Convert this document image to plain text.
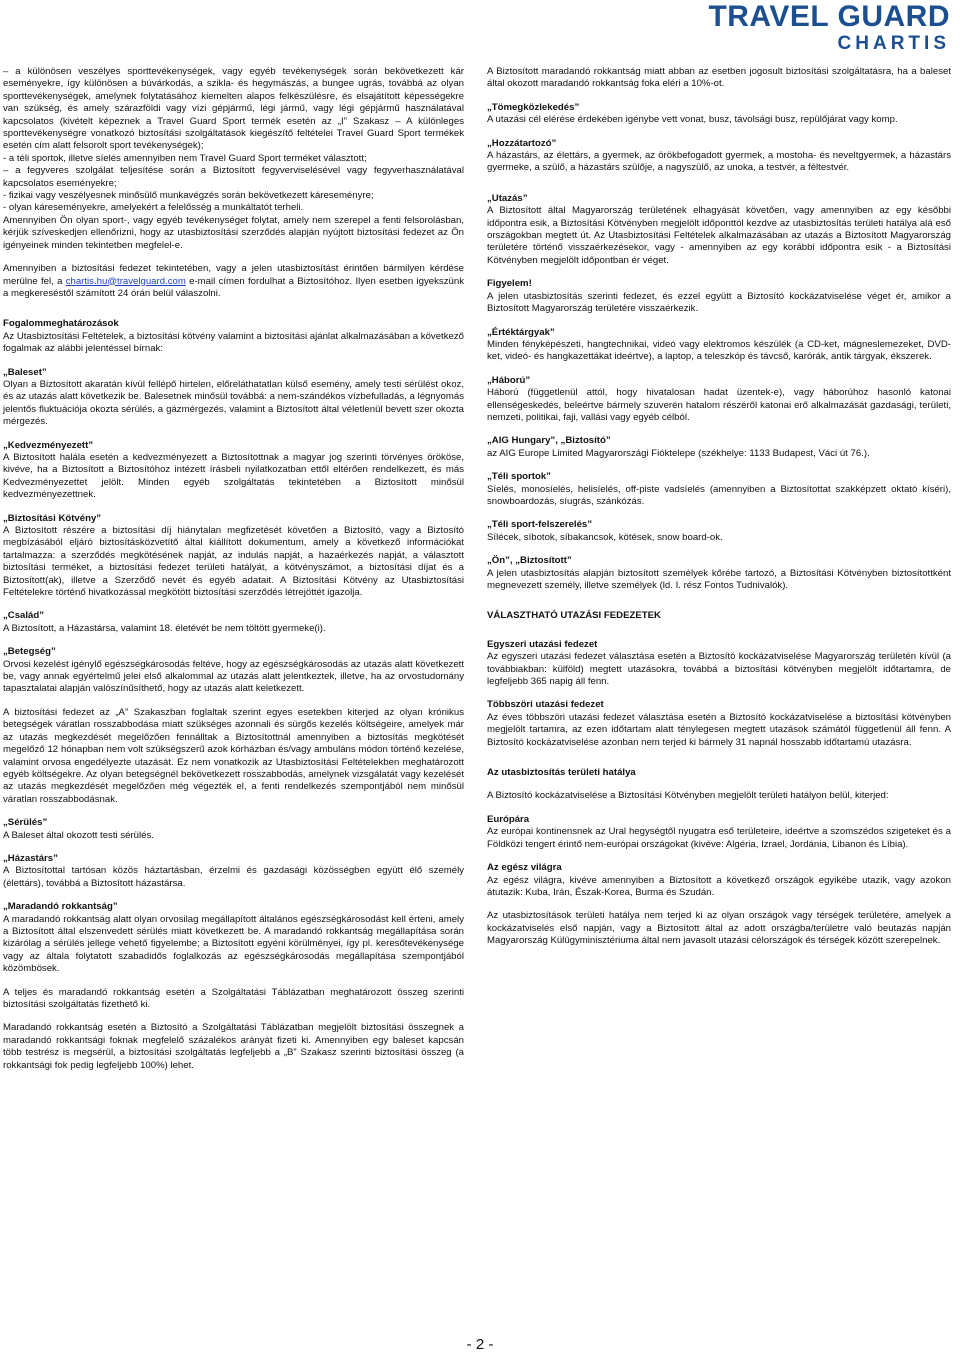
TRAVEL GUARD
CHARTIS
– a különösen veszélyes sporttevékenységek, vagy egyéb tevékenységek során bekövetkezett kár eseményekre, így különösen a búvárkodás, a szikla- és hegymászás, a bungee ugrás, továbbá az olyan sporttevékenységek, amelynek folytatásához kiemelten alapos felkészülésre, és elsajátított képességekre van szükség, és amely szárazföldi vagy vízi gépjármű, légi jármű, vagy légi gépjármű használatával kapcsolatos (kivételt képeznek a Travel Guard Sport termék esetén az „I” Szakasz – A különleges sporttevékenységre vonatkozó biztosítási szolgáltatások kiegészítő feltételei Travel Guard Sport termékek esetén cím alatt felsorolt sport tevékenységek);
- a téli sportok, illetve síelés amennyiben nem Travel Guard Sport terméket választott;
– a fegyveres szolgálat teljesítése során a Biztosított fegyverviselésével vagy fegyverhasználatával kapcsolatos eseményekre;
- fizikai vagy veszélyesnek minősülő munkavégzés során bekövetkezett káreseményre;
- olyan káreseményekre, amelyekért a felelősség a munkáltatót terheli.

Amennyiben Ön olyan sport-, vagy egyéb tevékenységet folytat, amely nem szerepel a fenti felsorolásban, kérjük szíveskedjen ellenőrizni, hogy az utasbiztosítási szerződés alapján nyújtott biztosítási fedezet az Ön igényeinek minden tekintetben megfelel-e.

Amennyiben a biztosítási fedezet tekintetében, vagy a jelen utasbiztosítást érintően bármilyen kérdése merülne fel, a chartis.hu@travelguard.com e-mail címen fordulhat a Biztosítóhoz. Ilyen esetben igyekszünk a megkereséstől számított 24 órán belül válaszolni.

Fogalommeghatározások

Az Utasbiztosítási Feltételek, a biztosítási kötvény valamint a biztosítási ajánlat alkalmazásában a következő fogalmak az alábbi jelentéssel bírnak:

„Baleset”

Olyan a Biztosított akaratán kívül fellépő hirtelen, előreláthatatlan külső esemény, amely testi sérülést okoz, és az utazás alatt következik be. Balesetnek minősül továbbá: a nem-szándékos vízbefulladás, a légnyomás jelentős fluktuációja okozta sérülés, a gázmérgezés, valamint a Biztosított által véletlenül bevett szer okozta mérgezés.

„Kedvezményezett”

A Biztosított halála esetén a kedvezményezett a Biztosítottnak a magyar jog szerinti törvényes örököse, kivéve, ha a Biztosított a Biztosítóhoz intézett írásbeli nyilatkozatban ettől eltérően rendelkezett, és más Kedvezményezettet jelölt. Minden egyéb szolgáltatás tekintetében a Biztosított minősül kedvezményezettnek.

„Biztosítási Kötvény”

A Biztosított részére a biztosítási díj hiánytalan megfizetését követően a Biztosító, vagy a Biztosító megbízásából eljáró biztosításközvetítő által kiállított dokumentum, amely a következő információkat tartalmazza: a szerződés megkötésének napját, az indulás napját, a hazaérkezés napját, a választott biztosítási terméket, a biztosítási fedezet területi hatályát, a kötvényszámot, a biztosítási díjat és a Biztosított(ak), illetve a Szerződő nevét és egyéb adatait. A Biztosítási Kötvény az Utasbiztosítási Feltételekre történő hivatkozással megkötött biztosítási szerződés létrejöttét igazolja.

„Család”

A Biztosított, a Házastársa, valamint 18. életévét be nem töltött gyermeke(i).

„Betegség”

Orvosi kezelést igénylő egészségkárosodás feltéve, hogy az egészségkárosodás az utazás alatt következett be, vagy annak egyértelmű jelei első alkalommal az utazás alatt jelentkeztek, illetve, ha az orvostudomány tapasztalatai alapján valószínűsíthető, hogy az utazás alatt keletkezett.

A biztosítási fedezet az „A” Szakaszban foglaltak szerint egyes esetekben kiterjed az olyan krónikus betegségek váratlan rosszabbodása miatt szükséges azonnali és sürgős kezelés költségeire, amelyek már az utazás megkezdését megelőzően fennálltak a Biztosítottnál amennyiben a biztosítás megkötését megelőző 12 hónapban nem volt szükségszerű azok kórházban és/vagy ambuláns módon történő kezelése, valamint orvosa engedélyezte utazását. Ez nem vonatkozik az Utasbiztosítási Feltételekben meghatározott egyéb költségekre. Az olyan betegségnél bekövetkezett rosszabbodás, amelynek vizsgálatát vagy kezelését az utazás megkezdését megelőzően még végezték el, a fenti rendelkezés szempontjából nem minősül váratlan rosszabbodásnak.

„Sérülés”

A Baleset által okozott testi sérülés.

„Házastárs”

A Biztosítottal tartósan közös háztartásban, érzelmi és gazdasági közösségben együtt élő személy (élettárs), továbbá a Biztosított házastársa.

„Maradandó rokkantság”

A maradandó rokkantság alatt olyan orvosilag megállapított általános egészségkárosodást kell érteni, amely a Biztosított által elszenvedett sérülés miatt következett be. A maradandó rokkantság megállapítása során kizárólag a sérülés jellege vehető figyelembe; a Biztosított egyéni körülményei, így pl. keresőtevékenysége vagy az általa folytatott szabadidős foglalkozás az egészségkárosodás megállapítása szempontjából közömbösek.

A teljes és maradandó rokkantság esetén a Szolgáltatási Táblázatban meghatározott összeg szerinti biztosítási szolgáltatás fizethető ki.

Maradandó rokkantság esetén a Biztosító a Szolgáltatási Táblázatban megjelölt biztosítási összegnek a maradandó rokkantsági foknak megfelelő százalékos arányát fizeti ki. Amennyiben egy baleset kapcsán több testrész is megsérül, a biztosítási szolgáltatás legfeljebb a „B” Szakasz szerinti biztosítási összeg (a rokkantsági fok pedig legfeljebb 100%) lehet.

A Biztosított maradandó rokkantság miatt abban az esetben jogosult biztosítási szolgáltatásra, ha a baleset által okozott maradandó rokkantság foka eléri a 10%-ot.

„Tömegközlekedés”

A utazási cél elérése érdekében igénybe vett vonat, busz, távolsági busz, repülőjárat vagy komp.

„Hozzátartozó”

A házastárs, az élettárs, a gyermek, az örökbefogadott gyermek, a mostoha- és neveltgyermek, a házastárs gyermeke, a szülő, a házastárs szülője, a nagyszülő, az unoka, a testvér, a féltestvér.

„Utazás”

A Biztosított által Magyarország területének elhagyását követően, vagy amennyiben az egy későbbi időpontra esik, a Biztosítási Kötvényben megjelölt időponttól kezdve az utasbiztosítás területi hatálya alá eső országokban megtett út. Az Utasbiztosítási Feltételek alkalmazásában az utazás a Biztosított Magyarország területére történő visszaérkezésekor, vagy - amennyiben az egy korábbi időpontra esik - a Biztosítási Kötvényben megjelölt időpontban ér véget.

Figyelem!

A jelen utasbiztosítás szerinti fedezet, és ezzel együtt a Biztosító kockázatviselése véget ér, amikor a Biztosított Magyarország területére visszaérkezik.

„Értéktárgyak”

Minden fényképészeti, hangtechnikai, videó vagy elektromos készülék (a CD-ket, mágneslemezeket, DVD-ket, videó- és hangkazettákat ideértve), a laptop, a teleszkóp és távcső, karórák, antik tárgyak, ékszerek.

„Háború”

Háború (függetlenül attól, hogy hivatalosan hadat üzentek-e), vagy háborúhoz hasonló katonai ellenségeskedés, beleértve bármely szuverén hatalom részéről katonai erő alkalmazását gazdasági, területi, nemzeti, politikai, faji, vallási vagy egyéb célból.

„AIG Hungary”, „Biztosító”

az AIG Europe Limited Magyarországi Fióktelepe (székhelye: 1133 Budapest, Váci út 76.).

„Téli sportok”

Síelés, monosíelés, helisíelés, off-piste vadsíelés (amennyiben a Biztosítottat szakképzett oktató kíséri), snowboardozás, síugrás, szánkózás.

„Téli sport-felszerelés”

Sílécek, síbotok, síbakancsok, kötések, snow board-ok.

„Ön”, „Biztosított”

A jelen utasbiztosítás alapján biztosított személyek kőrébe tartozó, a Biztosítási Kötvényben biztosítottként megnevezett személy, illetve személyek (ld. I. rész Fontos Tudnivalók).

VÁLASZTHATÓ UTAZÁSI FEDEZETEK

Egyszeri utazási fedezet

Az egyszeri utazási fedezet választása esetén a Biztosító kockázatviselése Magyarország területén kívül (a továbbiakban: külföld) megtett utazásokra, továbbá a biztosítási kötvényben megjelölt időtartamra, de legfeljebb 365 napig áll fenn.

Többszöri utazási fedezet

Az éves többszöri utazási fedezet választása esetén a Biztosító kockázatviselése a biztosítási kötvényben megjelölt tartamra, az ezen időtartam alatt ténylegesen megtett utazások számától függetlenül áll fenn. A Biztosító kockázatviselése azonban nem terjed ki bármely 31 napnál hosszabb időtartamú utazásra.

Az utasbiztosítás területi hatálya

A Biztosító kockázatviselése a Biztosítási Kötvényben megjelölt területi hatályon belül, kiterjed:

Európára

Az európai kontinensnek az Ural hegységtől nyugatra eső területeire, ideértve a szomszédos szigeteket és a Földközi tengert érintő nem-európai országokat (kivéve: Algéria, Izrael, Jordánia, Libanon és Líbia).

Az egész világra

Az egész világra, kivéve amennyiben a Biztosított a következő országok egyikébe utazik, vagy azokon átutazik: Kuba, Irán, Észak-Korea, Burma és Szudán.

Az utasbiztosítások területi hatálya nem terjed ki az olyan országok vagy térségek területére, amelyek a kockázatviselés első napján, vagy a Biztosított által az adott országba/területre való beutazás napján Magyarország Külügyminisztériuma által nem javasolt utazási célországok és térségek között szerepelnek.

- 2 -
